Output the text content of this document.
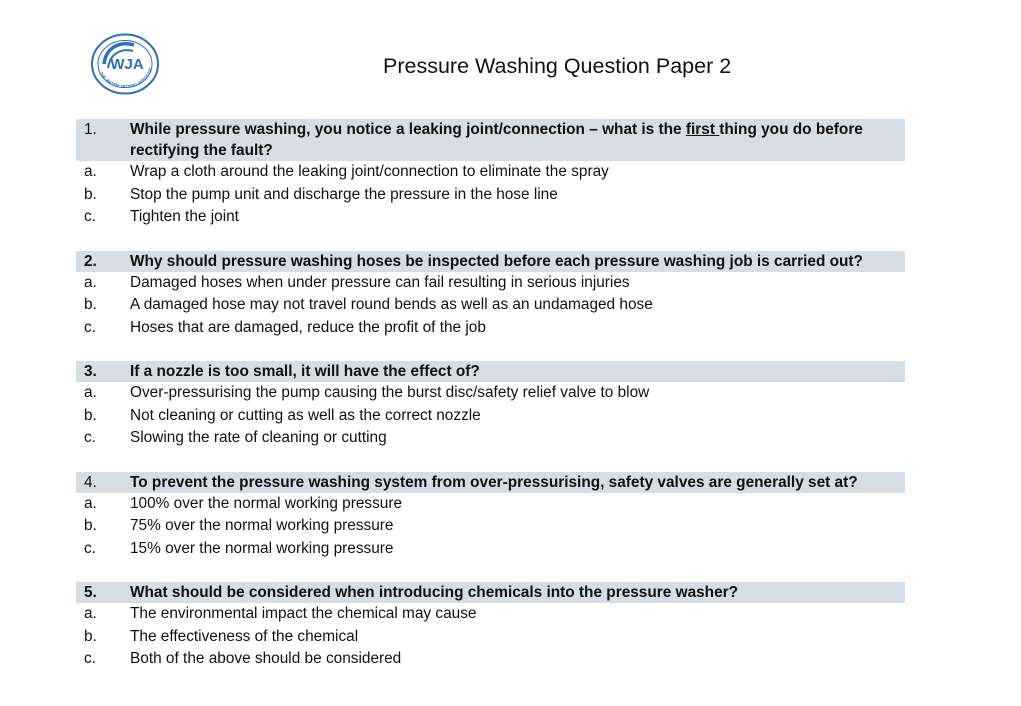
WJA
THE WATER JETTING ASSOCIAT	Pressure Washing Question Paper 2
1.	While pressure washing, you notice a leaking joint/connection – what is the first thing you do before rectifying the fault?
a.	Wrap a cloth around the leaking joint/connection to eliminate the spray
b.	Stop the pump unit and discharge the pressure in the hose line
c.	Tighten the joint
2.	Why should pressure washing hoses be inspected before each pressure washing job is carried out?
a.	Damaged hoses when under pressure can fail resulting in serious injuries
b.	A damaged hose may not travel round bends as well as an undamaged hose
c.	Hoses that are damaged, reduce the profit of the job
3.	If a nozzle is too small, it will have the effect of?
a.	Over-pressurising the pump causing the burst disc/safety relief valve to blow
b.	Not cleaning or cutting as well as the correct nozzle
c.	Slowing the rate of cleaning or cutting
4.	To prevent the pressure washing system from over-pressurising, safety valves are generally set at?
a.	100% over the normal working pressure
b.	75% over the normal working pressure
c.	15% over the normal working pressure
5.	What should be considered when introducing chemicals into the pressure washer?
a.	The environmental impact the chemical may cause
b.	The effectiveness of the chemical
c.	Both of the above should be considered
